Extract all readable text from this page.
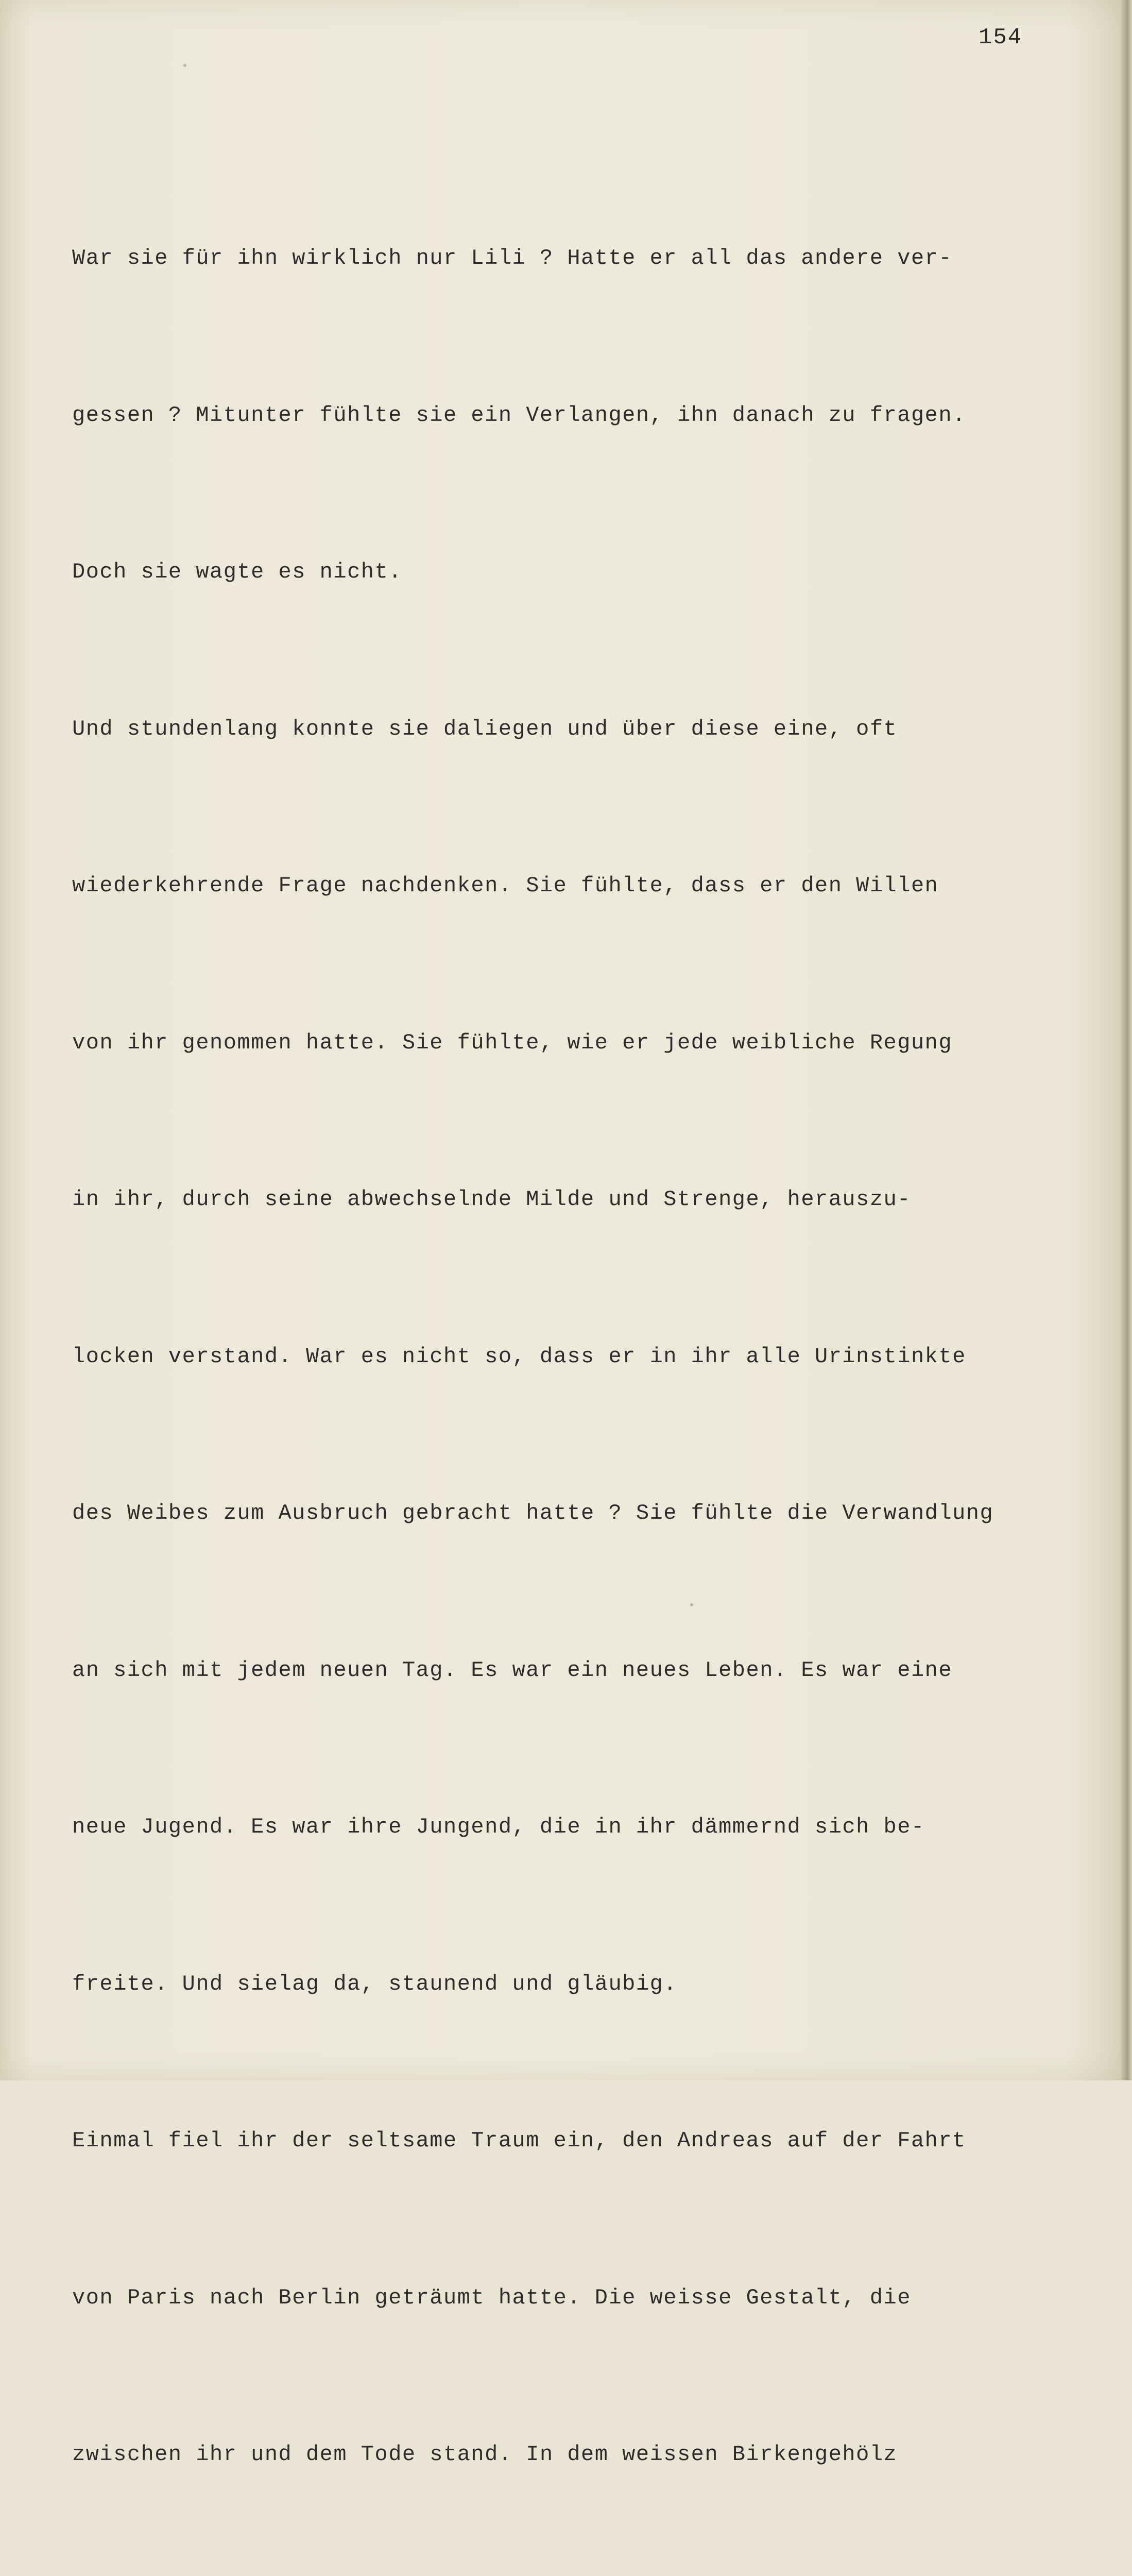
154

War sie für ihn wirklich nur Lili ? Hatte er all das andere ver-

gessen ? Mitunter fühlte sie ein Verlangen, ihn danach zu fragen.

Doch sie wagte es nicht.

Und stundenlang konnte sie daliegen und über diese eine, oft

wiederkehrende Frage nachdenken. Sie fühlte, dass er den Willen

von ihr genommen hatte. Sie fühlte, wie er jede weibliche Regung

in ihr, durch seine abwechselnde Milde und Strenge, herauszu-

locken verstand. War es nicht so, dass er in ihr alle Urinstinkte

des Weibes zum Ausbruch gebracht hatte ? Sie fühlte die Verwandlung

an sich mit jedem neuen Tag. Es war ein neues Leben. Es war eine

neue Jugend. Es war ihre Jungend, die in ihr dämmernd sich be-

freite. Und sielag da, staunend und gläubig.

Einmal fiel ihr der seltsame Traum ein, den Andreas auf der Fahrt

von Paris nach Berlin geträumt hatte. Die weisse Gestalt, die

zwischen ihr und dem Tode stand. In dem weissen Birkengehölz
